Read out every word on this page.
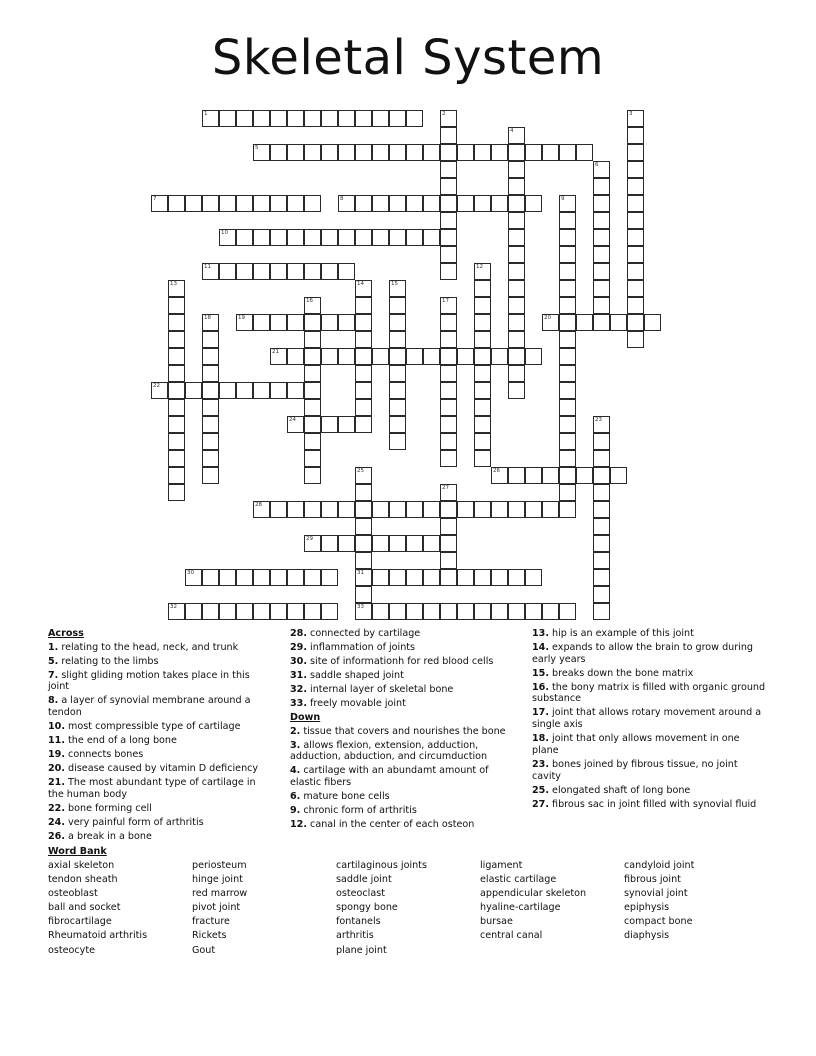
Skeletal System
1	2	3
4
5
6
7	8	9
10
11	12
13	14	15
16	17
18	19	20
21
22
23
24
25
31
33
26
27
28
29
30
32
Across
1. relating to the head, neck, and trunk
5. relating to the limbs
7. slight gliding motion takes place in this joint
8. a layer of synovial membrane around a tendon
10. most compressible type of cartilage
11. the end of a long bone
19. connects bones
20. disease caused by vitamin D deficiency
21. The most abundant type of cartilage in the human body
22. bone forming cell
24. very painful form of arthritis
26. a break in a bone
28. connected by cartilage
29. inflammation of joints
30. site of informationh for red blood cells
31. saddle shaped joint
32. internal layer of skeletal bone
33. freely movable joint
Down
2. tissue that covers and nourishes the bone
3. allows flexion, extension, adduction, adduction, abduction, and circumduction
4. cartilage with an abundamt amount of elastic fibers
6. mature bone cells
9. chronic form of arthritis
12. canal in the center of each osteon
13. hip is an example of this joint
14. expands to allow the brain to grow during early years
15. breaks down the bone matrix
16. the bony matrix is filled with organic ground substance
17. joint that allows rotary movement around a single axis
18. joint that only allows movement in one plane
23. bones joined by fibrous tissue, no joint cavity
25. elongated shaft of long bone
27. fibrous sac in joint filled with synovial fluid
Word Bank
axial skeleton
tendon sheath
osteoblast
ball and socket
fibrocartilage
Rheumatoid arthritis
osteocyte
periosteum
hinge joint
red marrow
pivot joint
fracture
Rickets
Gout
cartilaginous joints
saddle joint
osteoclast
spongy bone
fontanels
arthritis
plane joint
ligament
elastic cartilage
appendicular skeleton
hyaline-cartilage
bursae
central canal
candyloid joint
fibrous joint
synovial joint
epiphysis
compact bone
diaphysis
